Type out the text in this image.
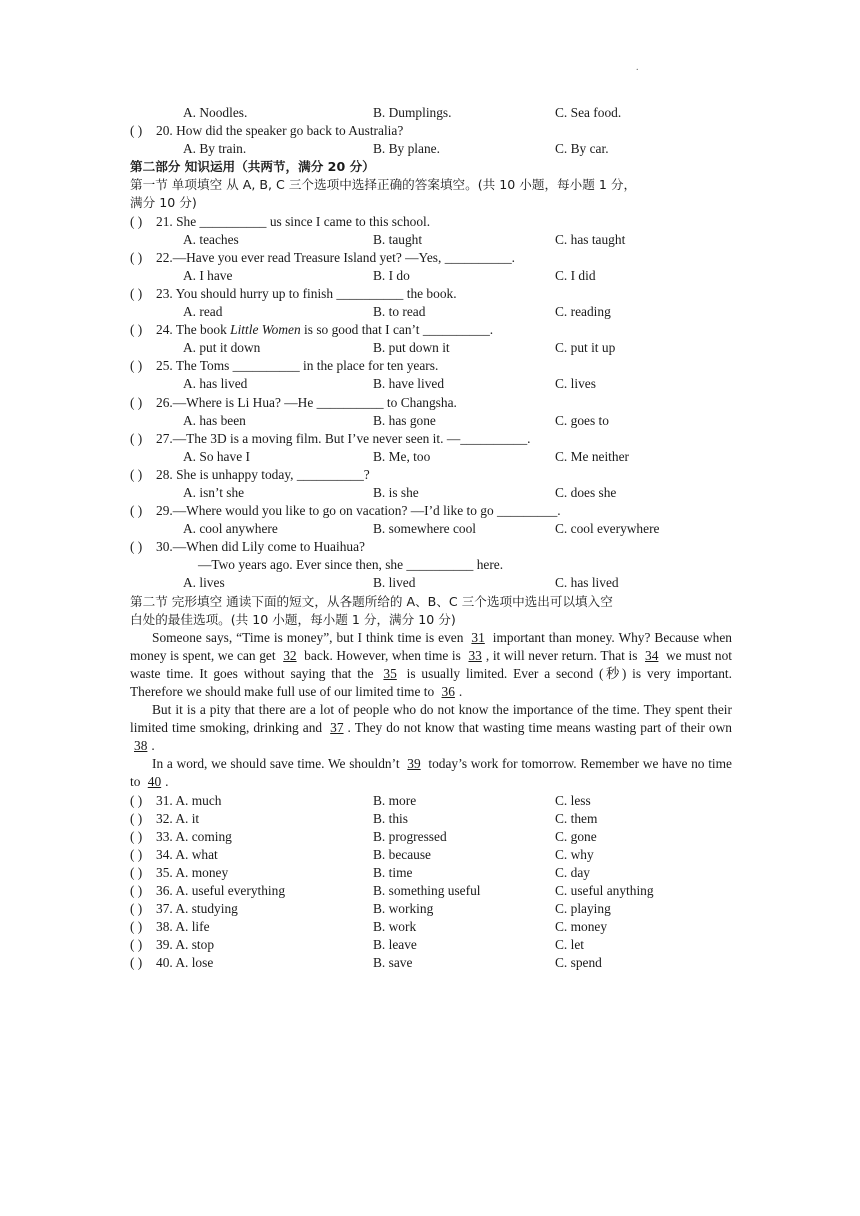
.
A. Noodles.	B. Dumplings.	C. Sea food.
( ) 20. How did the speaker go back to Australia?
A. By train.	B. By plane.	C. By car.
第二部分 知识运用（共两节，满分 20 分）
第一节 单项填空 从 A, B, C 三个选项中选择正确的答案填空。(共 10 小题，每小题 1 分，
满分 10 分)
( ) 21. She __________ us since I came to this school.
A. teaches	B. taught	C. has taught
( ) 22.—Have you ever read Treasure Island yet? —Yes, __________.
A. I have	B. I do	C. I did
( ) 23. You should hurry up to finish __________ the book.
A. read	B. to read	C. reading
( ) 24. The book Little Women is so good that I can’t __________.
A. put it down	B. put down it	C. put it up
( ) 25. The Toms __________ in the place for ten years.
A. has lived	B. have lived	C. lives
( ) 26.—Where is Li Hua? —He __________ to Changsha.
A. has been	B. has gone	C. goes to
( ) 27.—The 3D is a moving film. But I’ve never seen it. —__________.
A. So have I	B. Me, too	C. Me neither
( ) 28. She is unhappy today, __________?
A. isn’t she	B. is she	C. does she
( ) 29.—Where would you like to go on vacation? —I’d like to go _________.
A. cool anywhere	B. somewhere cool	C. cool everywhere
( ) 30.—When did Lily come to Huaihua?
—Two years ago. Ever since then, she __________ here.
A. lives	B. lived	C. has lived
第二节 完形填空 通读下面的短文，从各题所给的 A、B、C 三个选项中选出可以填入空
白处的最佳选项。(共 10 小题，每小题 1 分，满分 10 分)

Someone says, “Time is money”, but I think time is even 31 important than money. Why? Because when money is spent, we can get 32 back. However, when time is 33 , it will never return. That is 34 we must not waste time. It goes without saying that the 35 is usually limited. Ever a second (秒) is very important. Therefore we should make full use of our limited time to 36 .

But it is a pity that there are a lot of people who do not know the importance of the time. They spent their limited time smoking, drinking and 37 . They do not know that wasting time means wasting part of their own 38 .

In a word, we should save time. We shouldn’t 39 today’s work for tomorrow. Remember we have no time to 40 .

( ) 31. A. much	B. more	C. less
( ) 32. A. it	B. this	C. them
( ) 33. A. coming	B. progressed	C. gone
( ) 34. A. what	B. because	C. why
( ) 35. A. money	B. time	C. day
( ) 36. A. useful everything	B. something useful	C. useful anything
( ) 37. A. studying	B. working	C. playing
( ) 38. A. life	B. work	C. money
( ) 39. A. stop	B. leave	C. let
( ) 40. A. lose	B. save	C. spend
